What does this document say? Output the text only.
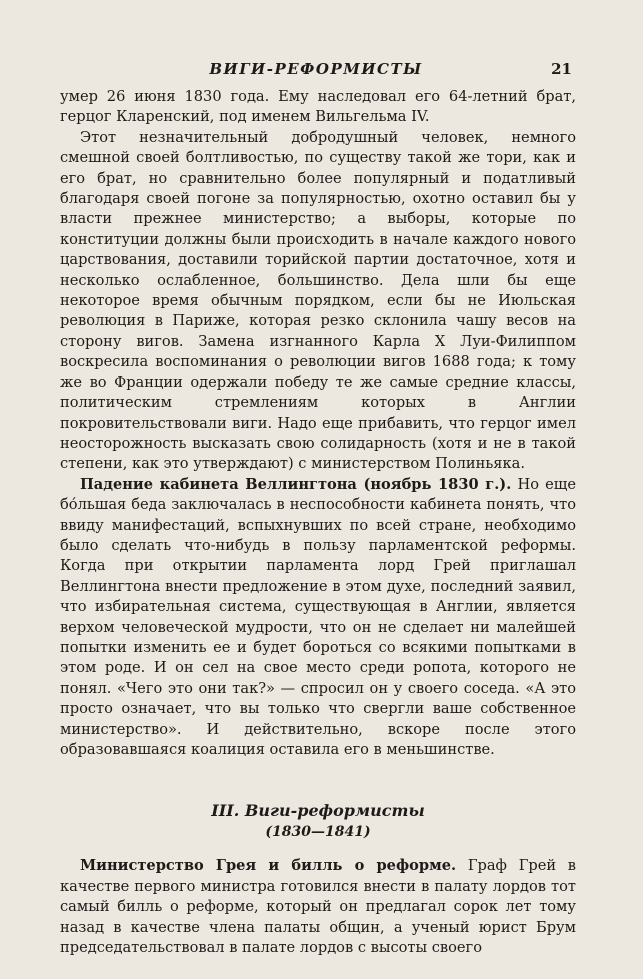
ВИГИ-РЕФОРМИСТЫ	21

умер 26 июня 1830 года. Ему наследовал его 64-летний брат, герцог Кларенский, под именем Вильгельма IV.

Этот незначительный добродушный человек, немного смешной своей болтливостью, по существу такой же тори, как и его брат, но сравнительно более популярный и податливый благодаря своей погоне за популярностью, охотно оставил бы у власти прежнее министерство; а выборы, которые по конституции должны были происходить в начале каждого нового царствования, доставили торийской партии достаточное, хотя и несколько ослабленное, большинство. Дела шли бы еще некоторое время обычным порядком, если бы не Июльская революция в Париже, которая резко склонила чашу весов на сторону вигов. Замена изгнанного Карла X Луи-Филиппом воскресила воспоминания о революции вигов 1688 года; к тому же во Франции одержали победу те же самые средние классы, политическим стремлениям которых в Англии покровительствовали виги. Надо еще прибавить, что герцог имел неосторожность высказать свою солидарность (хотя и не в такой степени, как это утверждают) с министерством Полиньяка.

Падение кабинета Веллингтона (ноябрь 1830 г.). Но еще бо́льшая беда заключалась в неспособности кабинета понять, что ввиду манифестаций, вспыхнувших по всей стране, необходимо было сделать что-нибудь в пользу парламентской реформы. Когда при открытии парламента лорд Грей приглашал Веллингтона внести предложение в этом духе, последний заявил, что избирательная система, существующая в Англии, является верхом человеческой мудрости, что он не сделает ни малейшей попытки изменить ее и будет бороться со всякими попытками в этом роде. И он сел на свое место среди ропота, которого не понял. «Чего это они так?» — спросил он у своего соседа. «А это просто означает, что вы только что свергли ваше собственное министерство». И действительно, вскоре после этого образовавшаяся коалиция оставила его в меньшинстве.

III. Виги-реформисты
(1830—1841)

Министерство Грея и билль о реформе. Граф Грей в качестве первого министра готовился внести в палату лордов тот самый билль о реформе, который он предлагал сорок лет тому назад в качестве члена палаты общин, а ученый юрист Брум председательствовал в палате лордов с высоты своего
